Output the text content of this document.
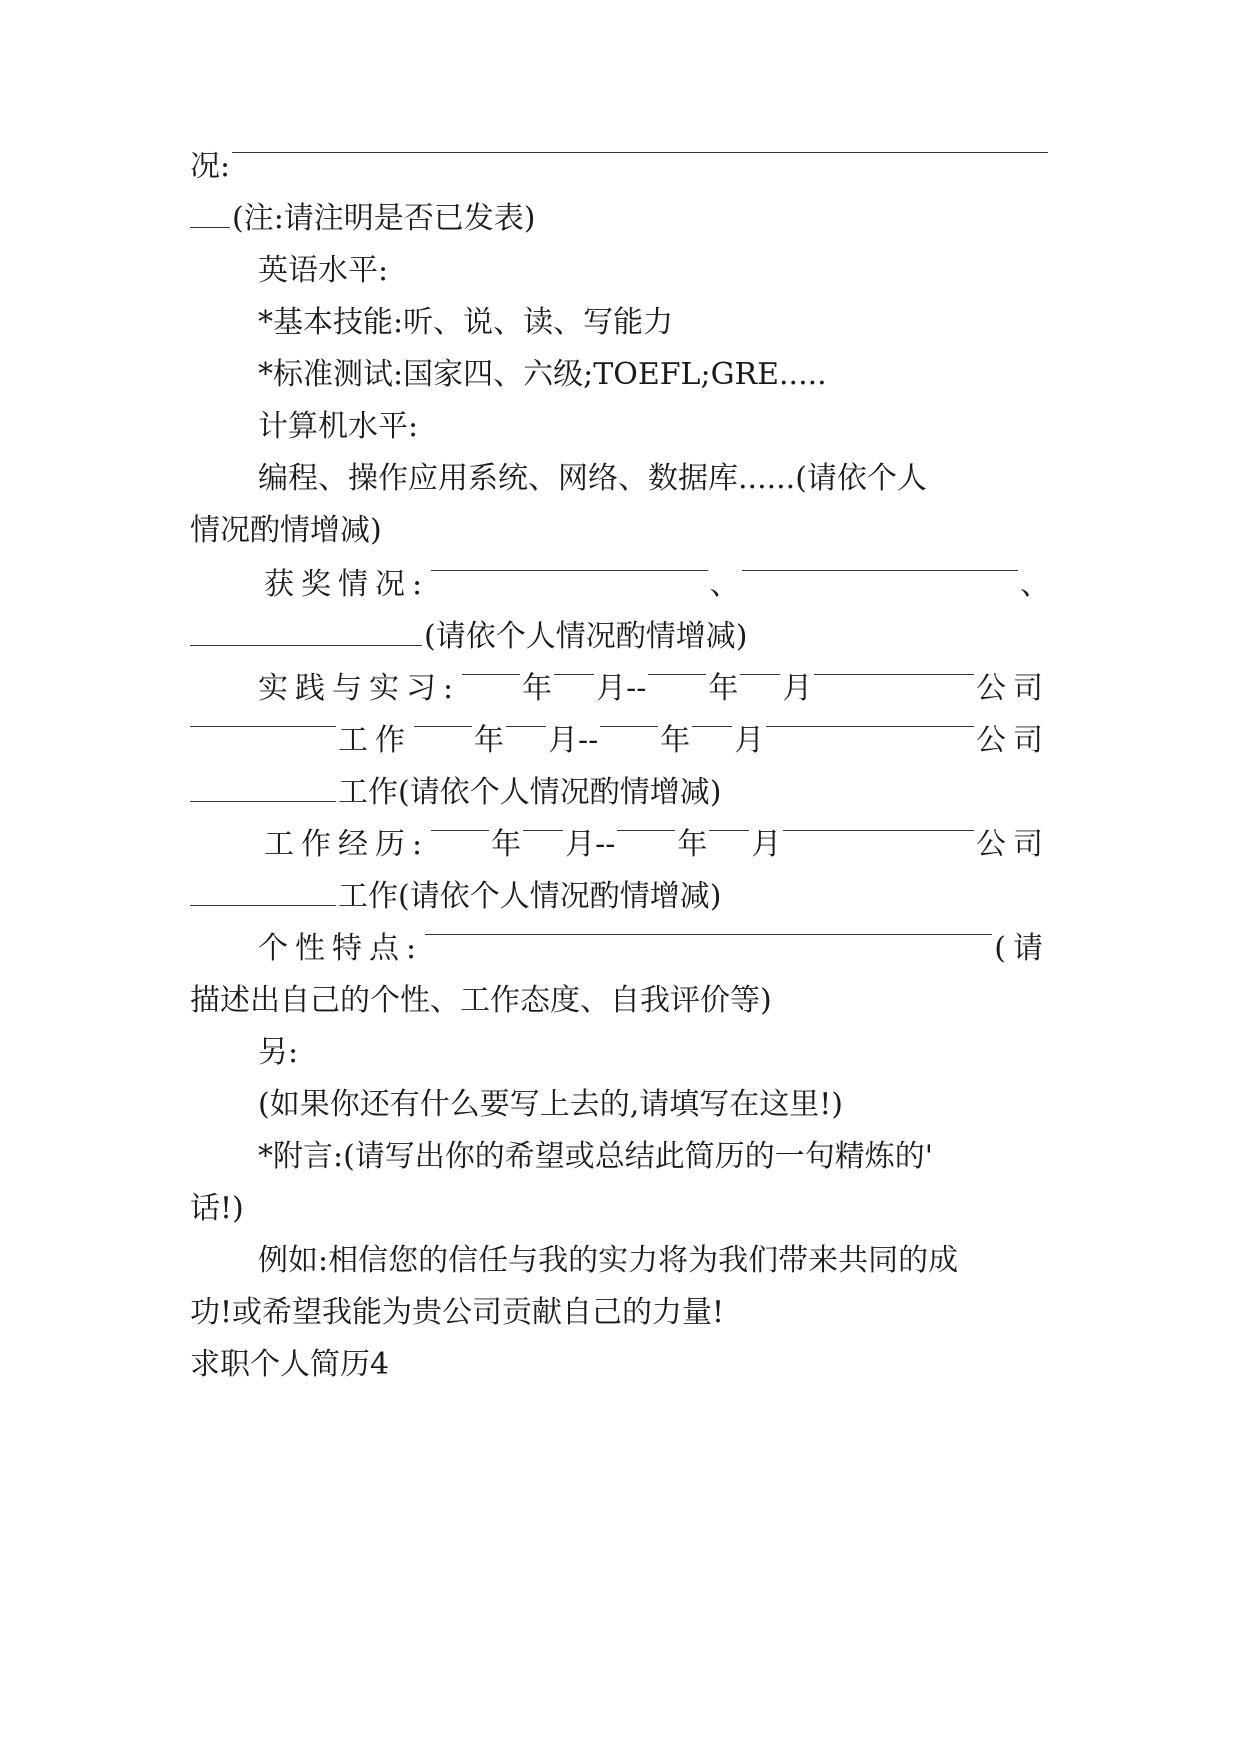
况:
(注:请注明是否已发表)
英语水平:
*基本技能:听、说、读、写能力
*标准测试:国家四、六级;TOEFL;GRE.....
计算机水平:
编程、操作应用系统、网络、数据库......(请依个人
情况酌情增减)
获奖情况:	、	、
(请依个人情况酌情增减)
实践与实习: 年 月 -- 年 月	公司
工作 年 月 -- 年 月	公司
工作(请依个人情况酌情增减)
工作经历: 年 月 -- 年 月	公司
工作(请依个人情况酌情增减)
个性特点:	(请
描述出自己的个性、工作态度、自我评价等)
另:
(如果你还有什么要写上去的,请填写在这里!)
*附言:(请写出你的希望或总结此简历的一句精炼的'
话!)
例如:相信您的信任与我的实力将为我们带来共同的成
功!或希望我能为贵公司贡献自己的力量!
求职个人简历4
